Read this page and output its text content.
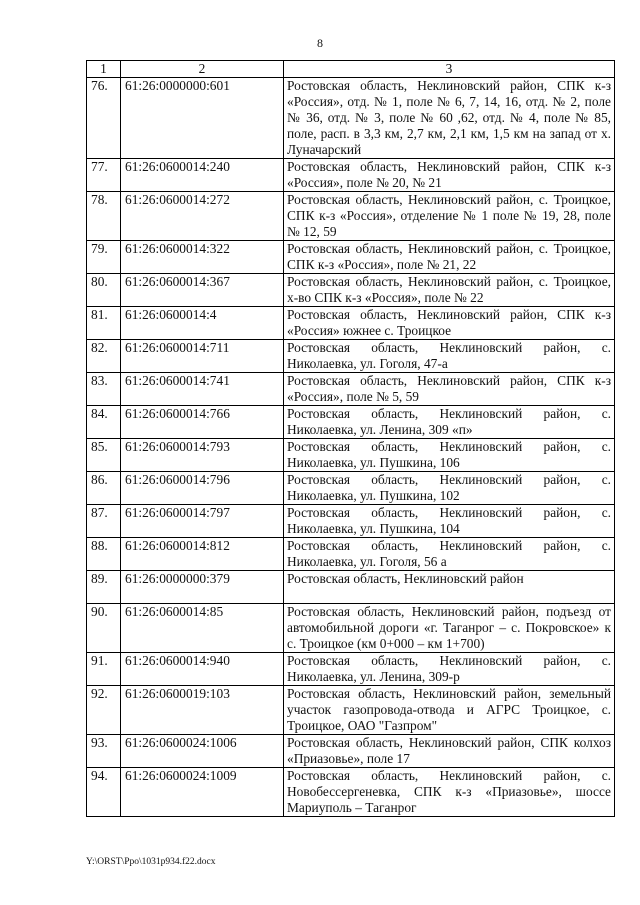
8
1	2	3
76.	61:26:0000000:601	Ростовская область, Неклиновский район, СПК к-з «Россия», отд. № 1, поле № 6, 7, 14, 16, отд. № 2, поле № 36, отд. № 3, поле № 60 ,62, отд. № 4, поле № 85, поле, расп. в 3,3 км, 2,7 км, 2,1 км, 1,5 км на запад от х. Луначарский
77.	61:26:0600014:240	Ростовская область, Неклиновский район, СПК к-з «Россия», поле № 20, № 21
78.	61:26:0600014:272	Ростовская область, Неклиновский район, с. Троицкое, СПК к-з «Россия», отделение № 1 поле № 19, 28, поле № 12, 59
79.	61:26:0600014:322	Ростовская область, Неклиновский район, с. Троицкое, СПК к-з «Россия», поле № 21, 22
80.	61:26:0600014:367	Ростовская область, Неклиновский район, с. Троицкое, х-во СПК к-з «Россия», поле № 22
81.	61:26:0600014:4	Ростовская область, Неклиновский район, СПК к-з «Россия» южнее с. Троицкое
82.	61:26:0600014:711	Ростовская область, Неклиновский район, с. Николаевка, ул. Гоголя, 47-а
83.	61:26:0600014:741	Ростовская область, Неклиновский район, СПК к-з «Россия», поле № 5, 59
84.	61:26:0600014:766	Ростовская область, Неклиновский район, с. Николаевка, ул. Ленина, 309 «п»
85.	61:26:0600014:793	Ростовская область, Неклиновский район, с. Николаевка, ул. Пушкина, 106
86.	61:26:0600014:796	Ростовская область, Неклиновский район, с. Николаевка, ул. Пушкина, 102
87.	61:26:0600014:797	Ростовская область, Неклиновский район, с. Николаевка, ул. Пушкина, 104
88.	61:26:0600014:812	Ростовская область, Неклиновский район, с. Николаевка, ул. Гоголя, 56 а
89.	61:26:0000000:379	Ростовская область, Неклиновский район
90.	61:26:0600014:85	Ростовская область, Неклиновский район, подъезд от автомобильной дороги «г. Таганрог – с. Покровское» к с. Троицкое (км 0+000 – км 1+700)
91.	61:26:0600014:940	Ростовская область, Неклиновский район, с. Николаевка, ул. Ленина, 309-р
92.	61:26:0600019:103	Ростовская область, Неклиновский район, земельный участок газопровода-отвода и АГРС Троицкое, с. Троицкое, ОАО "Газпром"
93.	61:26:0600024:1006	Ростовская область, Неклиновский район, СПК колхоз «Приазовье», поле 17
94.	61:26:0600024:1009	Ростовская область, Неклиновский район, с. Новобессергеневка, СПК к-з «Приазовье», шоссе Мариуполь – Таганрог
Y:\ORST\Ppo\1031p934.f22.docx
